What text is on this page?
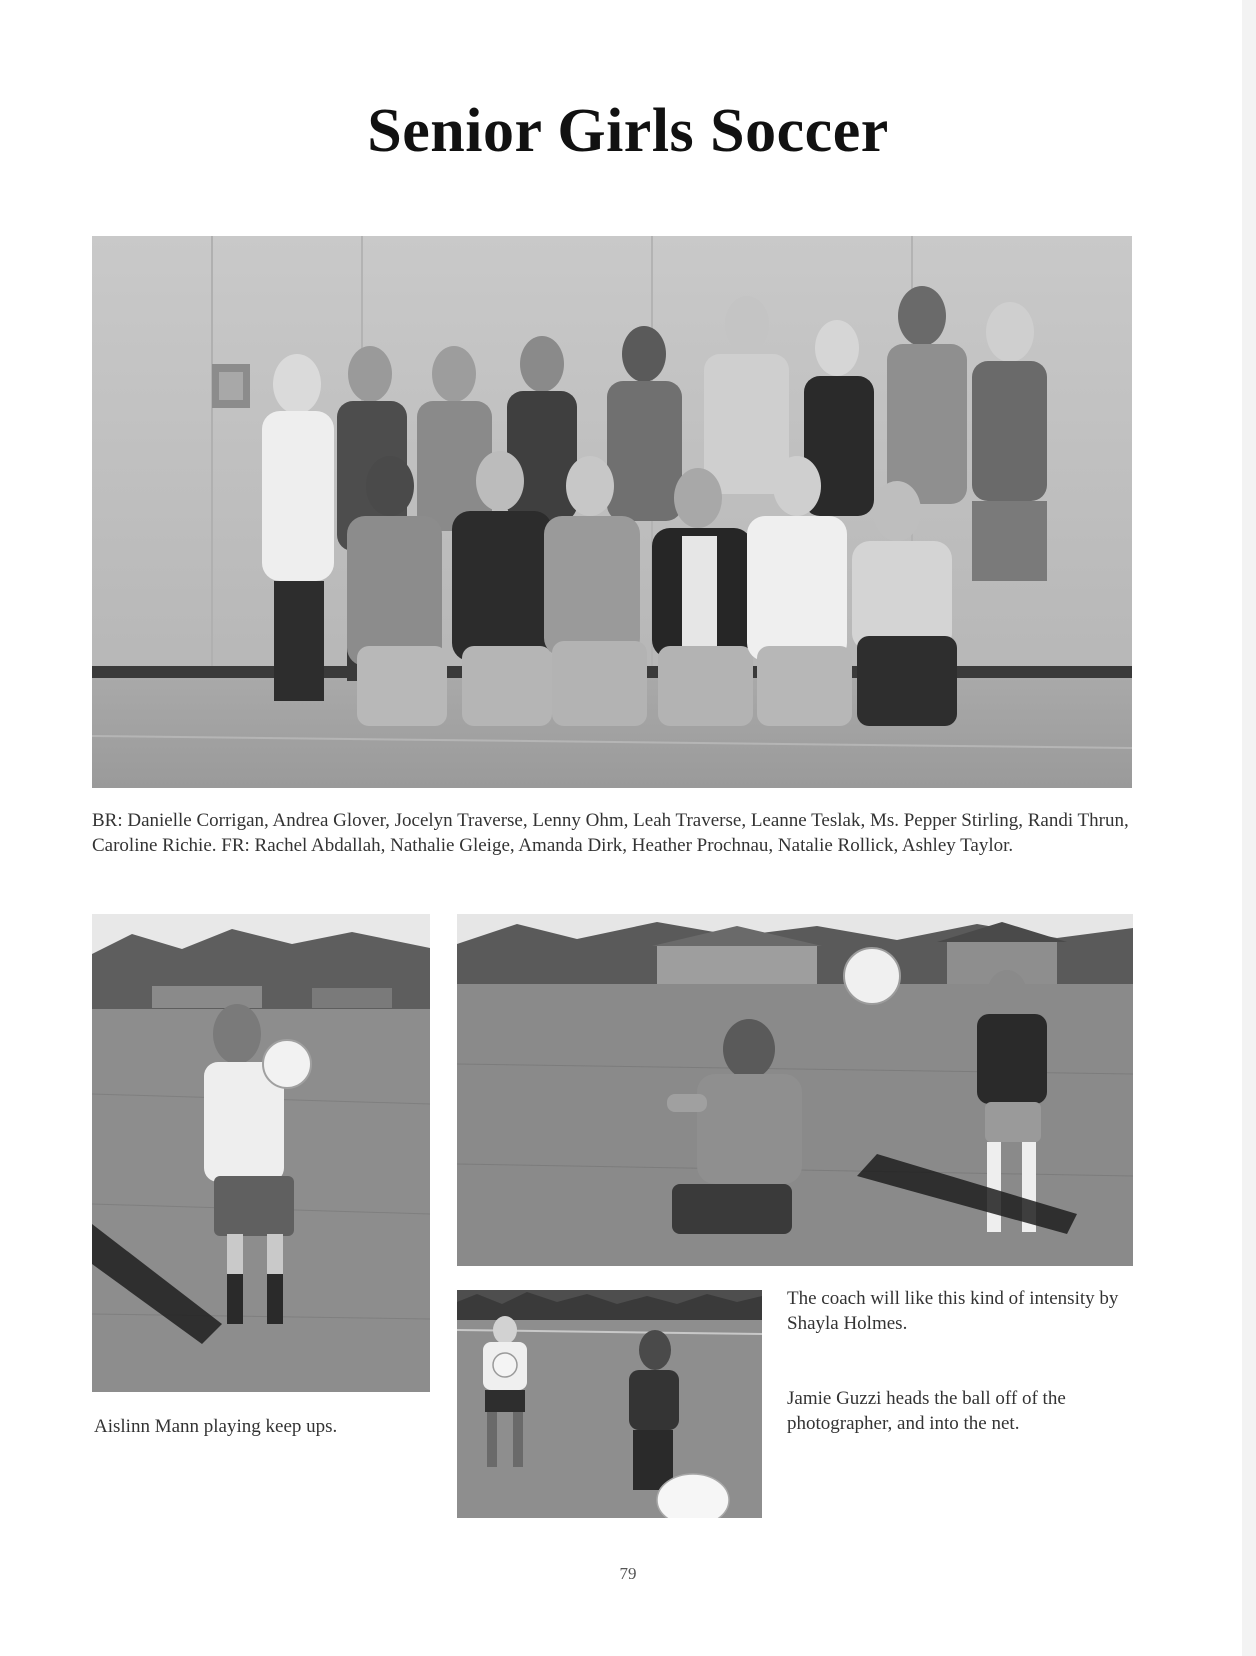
Senior Girls Soccer

BR: Danielle Corrigan, Andrea Glover, Jocelyn Traverse, Lenny Ohm, Leah Traverse, Leanne Teslak, Ms. Pepper Stirling, Randi Thrun, Caroline Richie. FR: Rachel Abdallah, Nathalie Gleige, Amanda Dirk, Heather Prochnau, Natalie Rollick, Ashley Taylor.

Aislinn Mann playing keep ups.

The coach will like this kind of intensity by Shayla Holmes.

Jamie Guzzi heads the ball off of the photographer, and into the net.

79
